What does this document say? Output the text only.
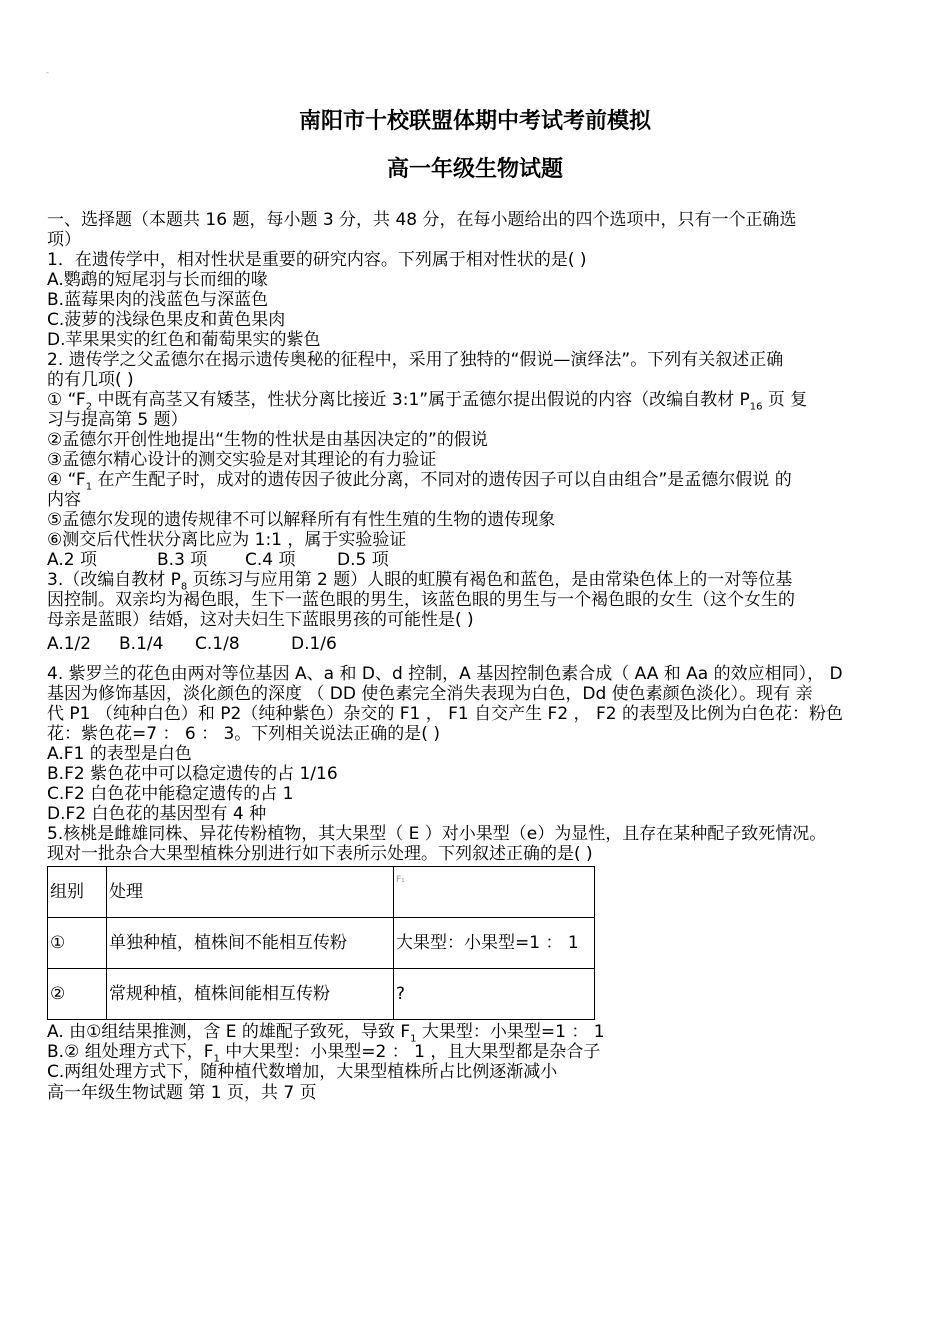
-
南阳市十校联盟体期中考试考前模拟
高一年级生物试题

一、选择题（本题共 16 题，每小题 3 分，共 48 分，在每小题给出的四个选项中，只有一个正确选

项）

1．在遗传学中，相对性状是重要的研究内容。下列属于相对性状的是( )

A.鹦鹉的短尾羽与长而细的喙

B.蓝莓果肉的浅蓝色与深蓝色

C.菠萝的浅绿色果皮和黄色果肉

D.苹果果实的红色和葡萄果实的紫色

2. 遗传学之父孟德尔在揭示遗传奥秘的征程中，采用了独特的“假说—演绎法”。下列有关叙述正确

的有几项( )

① “$F_2$ 中既有高茎又有矮茎，性状分离比接近 3:1”属于孟德尔提出假说的内容（改编自教材 $P_{16}$ 页 复

习与提高第 5 题）

②孟德尔开创性地提出“生物的性状是由基因决定的”的假说

③孟德尔精心设计的测交实验是对其理论的有力验证

④ “$F_1$ 在产生配子时，成对的遗传因子彼此分离，不同对的遗传因子可以自由组合”是孟德尔假说 的

内容

⑤孟德尔发现的遗传规律不可以解释所有有性生殖的生物的遗传现象

⑥测交后代性状分离比应为 1:1 ，属于实验验证

A.2 项	B.3 项 C.4 项 D.5 项

3.（改编自教材 $P_8$ 页练习与应用第 2 题）人眼的虹膜有褐色和蓝色，是由常染色体上的一对等位基

因控制。双亲均为褐色眼，生下一蓝色眼的男生，该蓝色眼的男生与一个褐色眼的女生（这个女生的

母亲是蓝眼）结婚，这对夫妇生下蓝眼男孩的可能性是( )

A.1/2 B.1/4 C.1/8	D.1/6

4. 紫罗兰的花色由两对等位基因 A、a 和 D、d 控制，A 基因控制色素合成（ AA 和 Aa 的效应相同）， D

基因为修饰基因，淡化颜色的深度 （ DD 使色素完全消失表现为白色，Dd 使色素颜色淡化）。现有 亲

代 P1 （纯种白色）和 P2（纯种紫色）杂交的 F1 ， F1 自交产生 F2 ， F2 的表型及比例为白色花：粉色

花：紫色花=7 ： 6 ： 3。下列相关说法正确的是( )

A.F1 的表型是白色

B.F2 紫色花中可以稳定遗传的占 1/16

C.F2 白色花中能稳定遗传的占 1

D.F2 白色花的基因型有 4 种

5.核桃是雌雄同株、异花传粉植物，其大果型（ E ）对小果型（e）为显性，且存在某种配子致死情况。

现对一批杂合大果型植株分别进行如下表所示处理。下列叙述正确的是( )

组别	处理	$^{F_1}$
①	单独种植，植株间不能相互传粉	大果型：小果型=1 ： 1
②	常规种植，植株间能相互传粉	?

A. 由①组结果推测，含 E 的雄配子致死，导致 $F_1$ 大果型：小果型=1 ： 1

B.② 组处理方式下，$F_1$ 中大果型：小果型=2 ： 1 ，且大果型都是杂合子

C.两组处理方式下，随种植代数增加，大果型植株所占比例逐渐减小

高一年级生物试题 第 1 页，共 7 页
